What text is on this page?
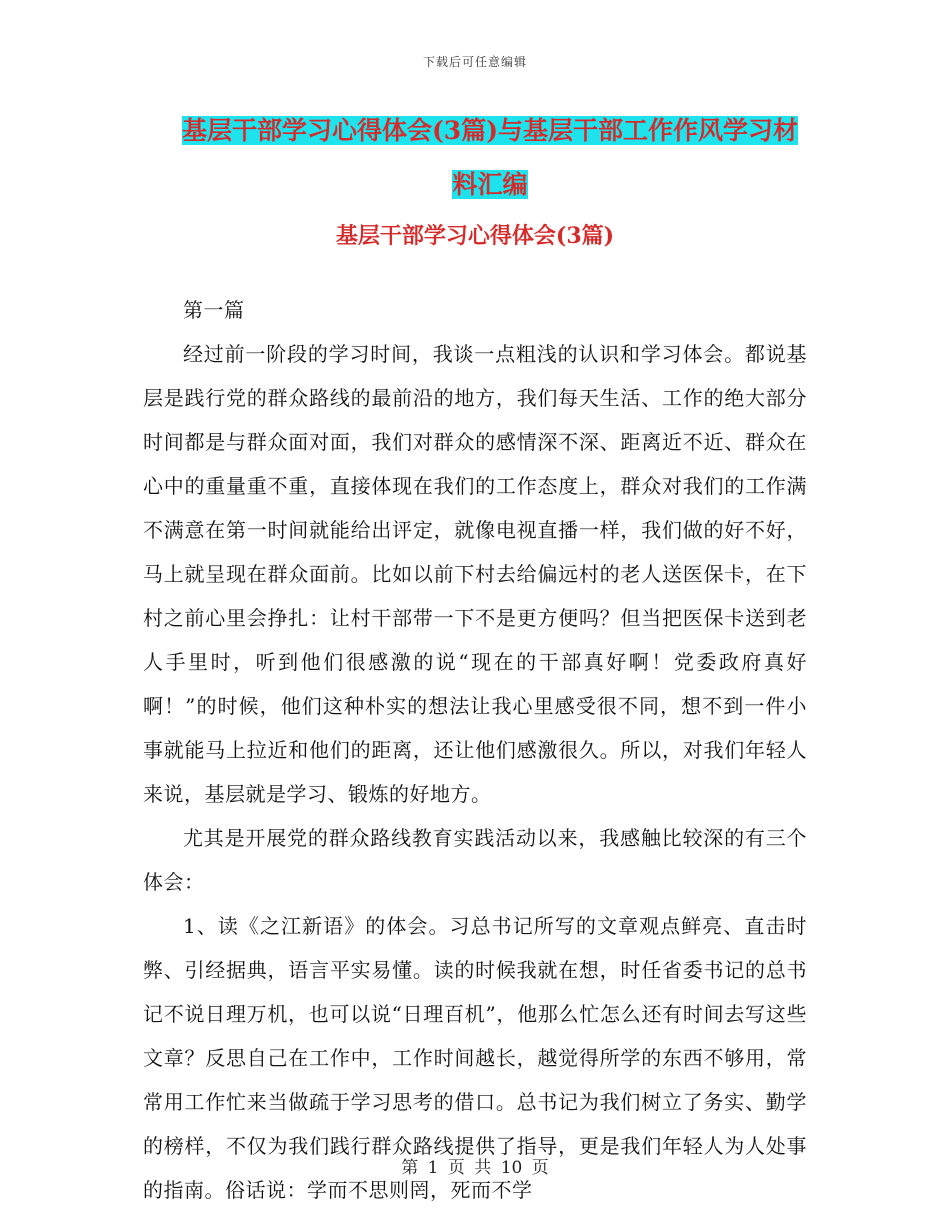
下载后可任意编辑
基层干部学习心得体会(3篇)与基层干部工作作风学习材料汇编
基层干部学习心得体会(3篇)

第一篇

经过前一阶段的学习时间，我谈一点粗浅的认识和学习体会。都说基层是践行党的群众路线的最前沿的地方，我们每天生活、工作的绝大部分时间都是与群众面对面，我们对群众的感情深不深、距离近不近、群众在心中的重量重不重，直接体现在我们的工作态度上，群众对我们的工作满不满意在第一时间就能给出评定，就像电视直播一样，我们做的好不好，马上就呈现在群众面前。比如以前下村去给偏远村的老人送医保卡，在下村之前心里会挣扎：让村干部带一下不是更方便吗？但当把医保卡送到老人手里时，听到他们很感激的说“现在的干部真好啊！党委政府真好啊！”的时候，他们这种朴实的想法让我心里感受很不同，想不到一件小事就能马上拉近和他们的距离，还让他们感激很久。所以，对我们年轻人来说，基层就是学习、锻炼的好地方。

尤其是开展党的群众路线教育实践活动以来，我感触比较深的有三个体会：

1、读《之江新语》的体会。习总书记所写的文章观点鲜亮、直击时弊、引经据典，语言平实易懂。读的时候我就在想，时任省委书记的总书记不说日理万机，也可以说“日理百机”，他那么忙怎么还有时间去写这些文章？反思自己在工作中，工作时间越长，越觉得所学的东西不够用，常常用工作忙来当做疏于学习思考的借口。总书记为我们树立了务实、勤学的榜样，不仅为我们践行群众路线提供了指导，更是我们年轻人为人处事的指南。俗话说：学而不思则罔，死而不学

第 1 页 共 10 页
